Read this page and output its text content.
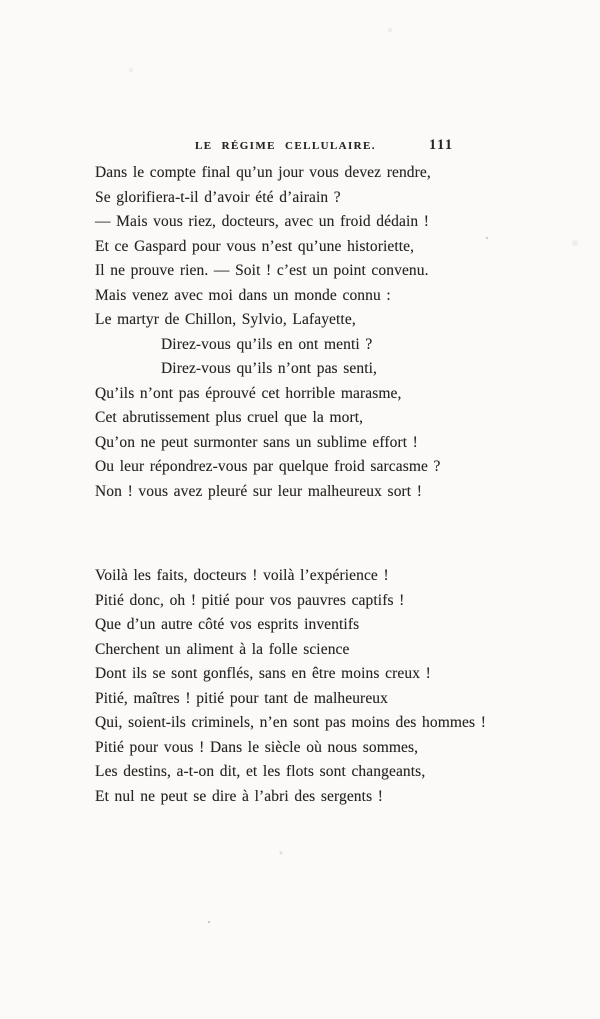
LE RÉGIME CELLULAIRE.	111
Dans le compte final qu’un jour vous devez rendre,
Se glorifiera-t-il d’avoir été d’airain ?
— Mais vous riez, docteurs, avec un froid dédain !
Et ce Gaspard pour vous n’est qu’une historiette,
Il ne prouve rien. — Soit ! c’est un point convenu.
Mais venez avec moi dans un monde connu :
Le martyr de Chillon, Sylvio, Lafayette,
Direz-vous qu’ils en ont menti ?
Direz-vous qu’ils n’ont pas senti,
Qu’ils n’ont pas éprouvé cet horrible marasme,
Cet abrutissement plus cruel que la mort,
Qu’on ne peut surmonter sans un sublime effort !
Ou leur répondrez-vous par quelque froid sarcasme ?
Non ! vous avez pleuré sur leur malheureux sort !
Voilà les faits, docteurs ! voilà l’expérience !
Pitié donc, oh ! pitié pour vos pauvres captifs !
Que d’un autre côté vos esprits inventifs
Cherchent un aliment à la folle science
Dont ils se sont gonflés, sans en être moins creux !
Pitié, maîtres ! pitié pour tant de malheureux
Qui, soient-ils criminels, n’en sont pas moins des hommes !
Pitié pour vous ! Dans le siècle où nous sommes,
Les destins, a-t-on dit, et les flots sont changeants,
Et nul ne peut se dire à l’abri des sergents !
